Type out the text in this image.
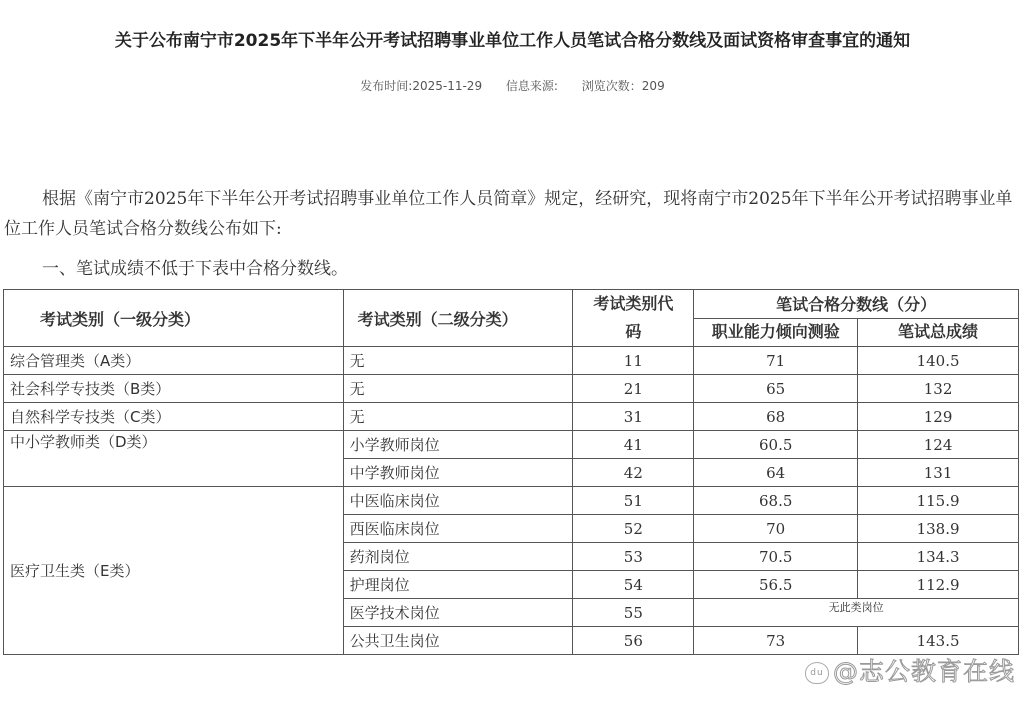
关于公布南宁市2025年下半年公开考试招聘事业单位工作人员笔试合格分数线及面试资格审查事宜的通知
发布时间:2025-11-29 信息来源: 浏览次数：209
根据《南宁市2025年下半年公开考试招聘事业单位工作人员简章》规定，经研究，现将南宁市2025年下半年公开考试招聘事业单位工作人员笔试合格分数线公布如下:
一、笔试成绩不低于下表中合格分数线。
考试类别（一级分类）	考试类别（二级分类）	考试类别代码	笔试合格分数线（分）	
			职业能力倾向测验	笔试总成绩
综合管理类（A类）	无	11	71	140.5
社会科学专技类（B类）	无	21	65	132
自然科学专技类（C类）	无	31	68	129
中小学教师类（D类）	小学教师岗位	41	60.5	124
	中学教师岗位	42	64	131
医疗卫生类（E类）	中医临床岗位	51	68.5	115.9
	西医临床岗位	52	70	138.9
	药剂岗位	53	70.5	134.3
	护理岗位	54	56.5	112.9
	医学技术岗位	55	无此类岗位	
	公共卫生岗位	56	73	143.5
du @志公教育在线
